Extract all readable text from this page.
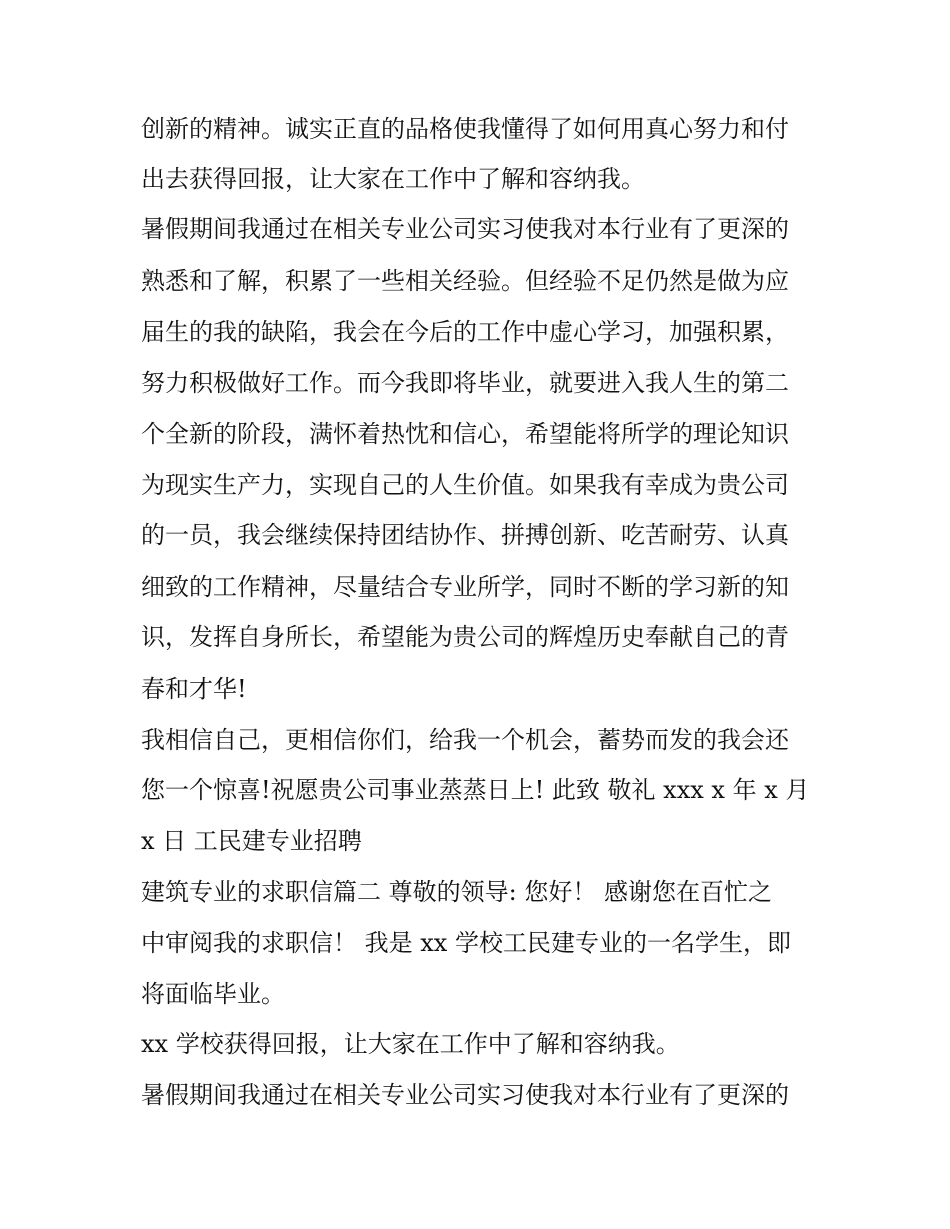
创新的精神。诚实正直的品格使我懂得了如何用真心努力和付

出去获得回报，让大家在工作中了解和容纳我。

暑假期间我通过在相关专业公司实习使我对本行业有了更深的

熟悉和了解，积累了一些相关经验。但经验不足仍然是做为应

届生的我的缺陷，我会在今后的工作中虚心学习，加强积累，

努力积极做好工作。而今我即将毕业，就要进入我人生的第二

个全新的阶段，满怀着热忱和信心，希望能将所学的理论知识

为现实生产力，实现自己的人生价值。如果我有幸成为贵公司

的一员，我会继续保持团结协作、拼搏创新、吃苦耐劳、认真

细致的工作精神，尽量结合专业所学，同时不断的学习新的知

识，发挥自身所长，希望能为贵公司的辉煌历史奉献自己的青

春和才华!

我相信自己，更相信你们，给我一个机会，蓄势而发的我会还

您一个惊喜!祝愿贵公司事业蒸蒸日上! 此致 敬礼 xxx x 年 x 月

x 日 工民建专业招聘

建筑专业的求职信篇二 尊敬的领导: 您好！ 感谢您在百忙之

中审阅我的求职信！ 我是 xx 学校工民建专业的一名学生，即

将面临毕业。

xx 学校获得回报，让大家在工作中了解和容纳我。

暑假期间我通过在相关专业公司实习使我对本行业有了更深的
